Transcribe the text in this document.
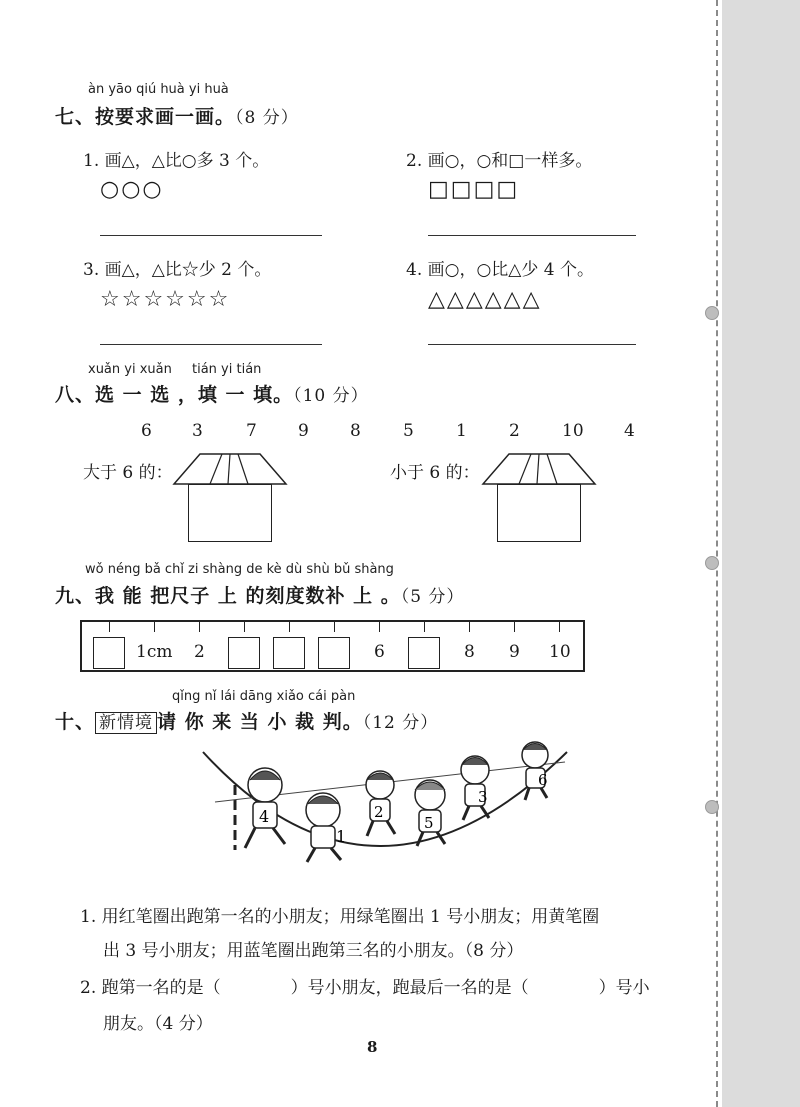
àn yāo qiú huà yi huà
七、按要求画一画。（8 分）
1. 画△，△比○多 3 个。
○○○
2. 画○，○和□一样多。
□□□□
3. 画△，△比☆少 2 个。
☆☆☆☆☆☆
4. 画○，○比△少 4 个。
△△△△△△
xuǎn yi xuǎn tián yi tián
八、选 一 选 ，填 一 填。（10 分）
6 3	7 9 8 5 1 2 10 4
大于 6 的：	小于 6 的：
wǒ néng bǎ chǐ zi shàng de kè dù shù bǔ shàng
九、我 能 把尺子 上 的刻度数补 上 。（5 分）
1cm 2	6	8 9 10
qǐng nǐ lái dāng xiǎo cái pàn
十、 新情境 请 你 来 当 小 裁 判。（12 分）
4
1
2
5
3
6
1. 用红笔圈出跑第一名的小朋友；用绿笔圈出 1 号小朋友；用黄笔圈
出 3 号小朋友；用蓝笔圈出跑第三名的小朋友。（8 分）
2. 跑第一名的是（	）号小朋友，跑最后一名的是（	）号小
朋友。（4 分）
8
